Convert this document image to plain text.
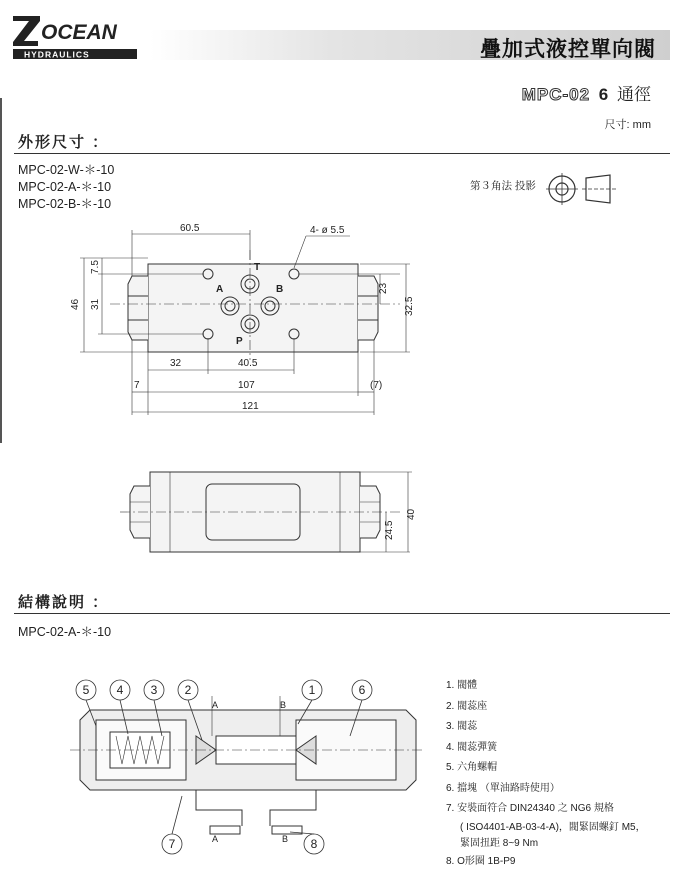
OCEAN
HYDRAULICS	疊加式液控單向閥
MPC-02 6 通徑
尺寸: mm
外形尺寸 ：
MPC-02-W-＊-10
MPC-02-A-＊-10
MPC-02-B-＊-10
第３角法 投影
60.5	4- ø 5.5
46 31
7.5
23
32.5
32	40.5
7	107	(7)
121
T
A	B
P
24.5
40
結構說明 ：
MPC-02-A-＊-10
5 4 3 2	1	6
7	8
A	B
A	B
1. 閥體
2. 閥蕊座
3. 閥蕊
4. 閥蕊彈簧
5. 六角螺帽
6. 擋塊 （單油路時使用）
7. 安裝面符合 DIN24340 之 NG6 規格
( ISO4401-AB-03-4-A)，閥緊固螺釘 M5，
緊固扭距 8~9 Nm
8. O形圈 1B-P9
